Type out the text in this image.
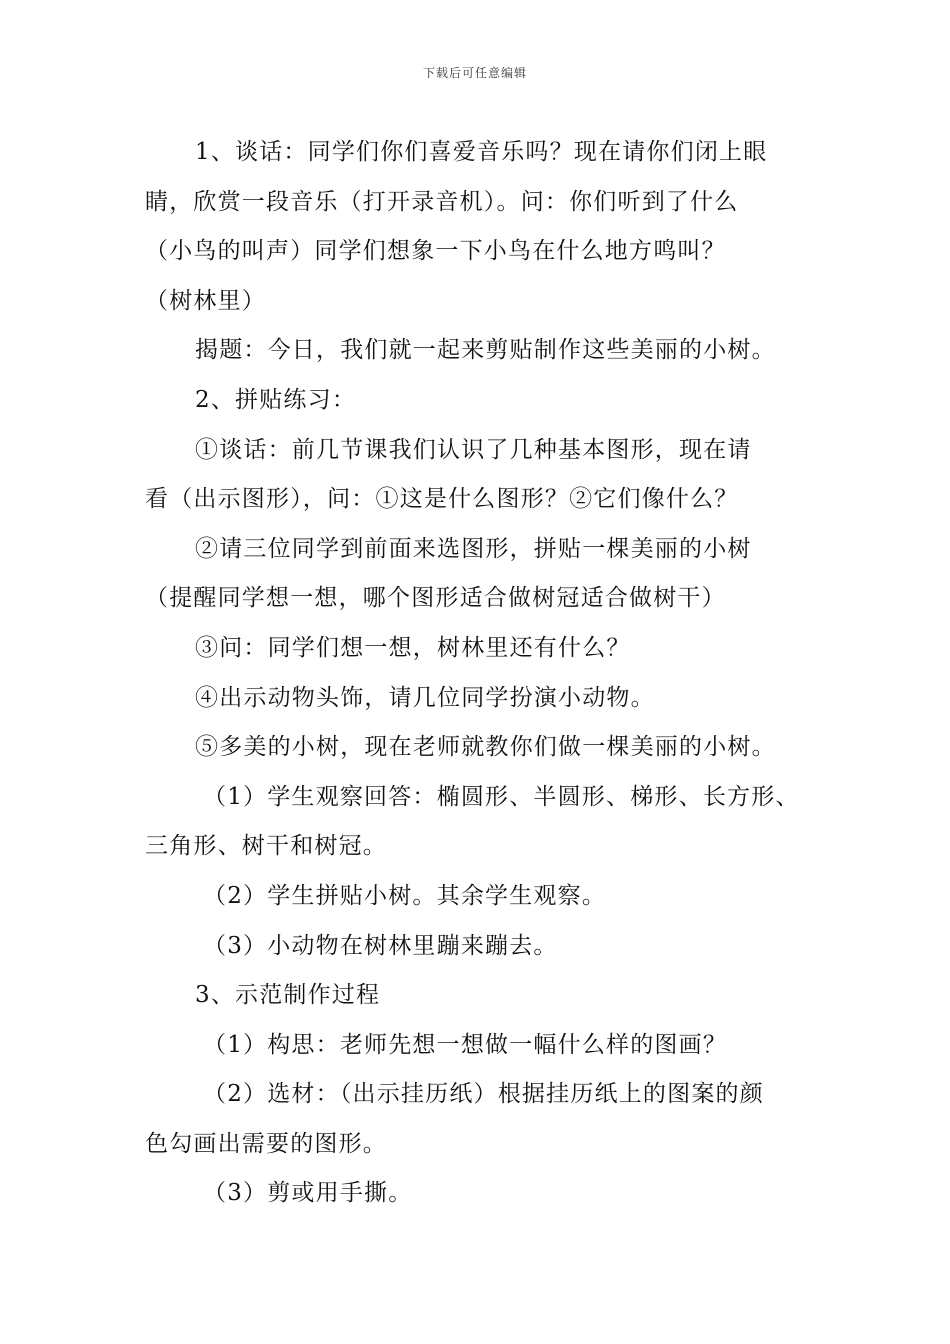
下载后可任意编辑
1、谈话：同学们你们喜爱音乐吗？现在请你们闭上眼
睛，欣赏一段音乐（打开录音机）。问：你们听到了什么
（小鸟的叫声）同学们想象一下小鸟在什么地方鸣叫？
（树林里）
揭题：今日，我们就一起来剪贴制作这些美丽的小树。
2、拼贴练习：
①谈话：前几节课我们认识了几种基本图形，现在请
看（出示图形），问：①这是什么图形？②它们像什么？
②请三位同学到前面来选图形，拼贴一棵美丽的小树
（提醒同学想一想，哪个图形适合做树冠适合做树干）
③问：同学们想一想，树林里还有什么？
④出示动物头饰，请几位同学扮演小动物。
⑤多美的小树，现在老师就教你们做一棵美丽的小树。
（1）学生观察回答：椭圆形、半圆形、梯形、长方形、
三角形、树干和树冠。
（2）学生拼贴小树。其余学生观察。
（3）小动物在树林里蹦来蹦去。
3、示范制作过程
（1）构思：老师先想一想做一幅什么样的图画？
（2）选材：（出示挂历纸）根据挂历纸上的图案的颜
色勾画出需要的图形。
（3）剪或用手撕。
